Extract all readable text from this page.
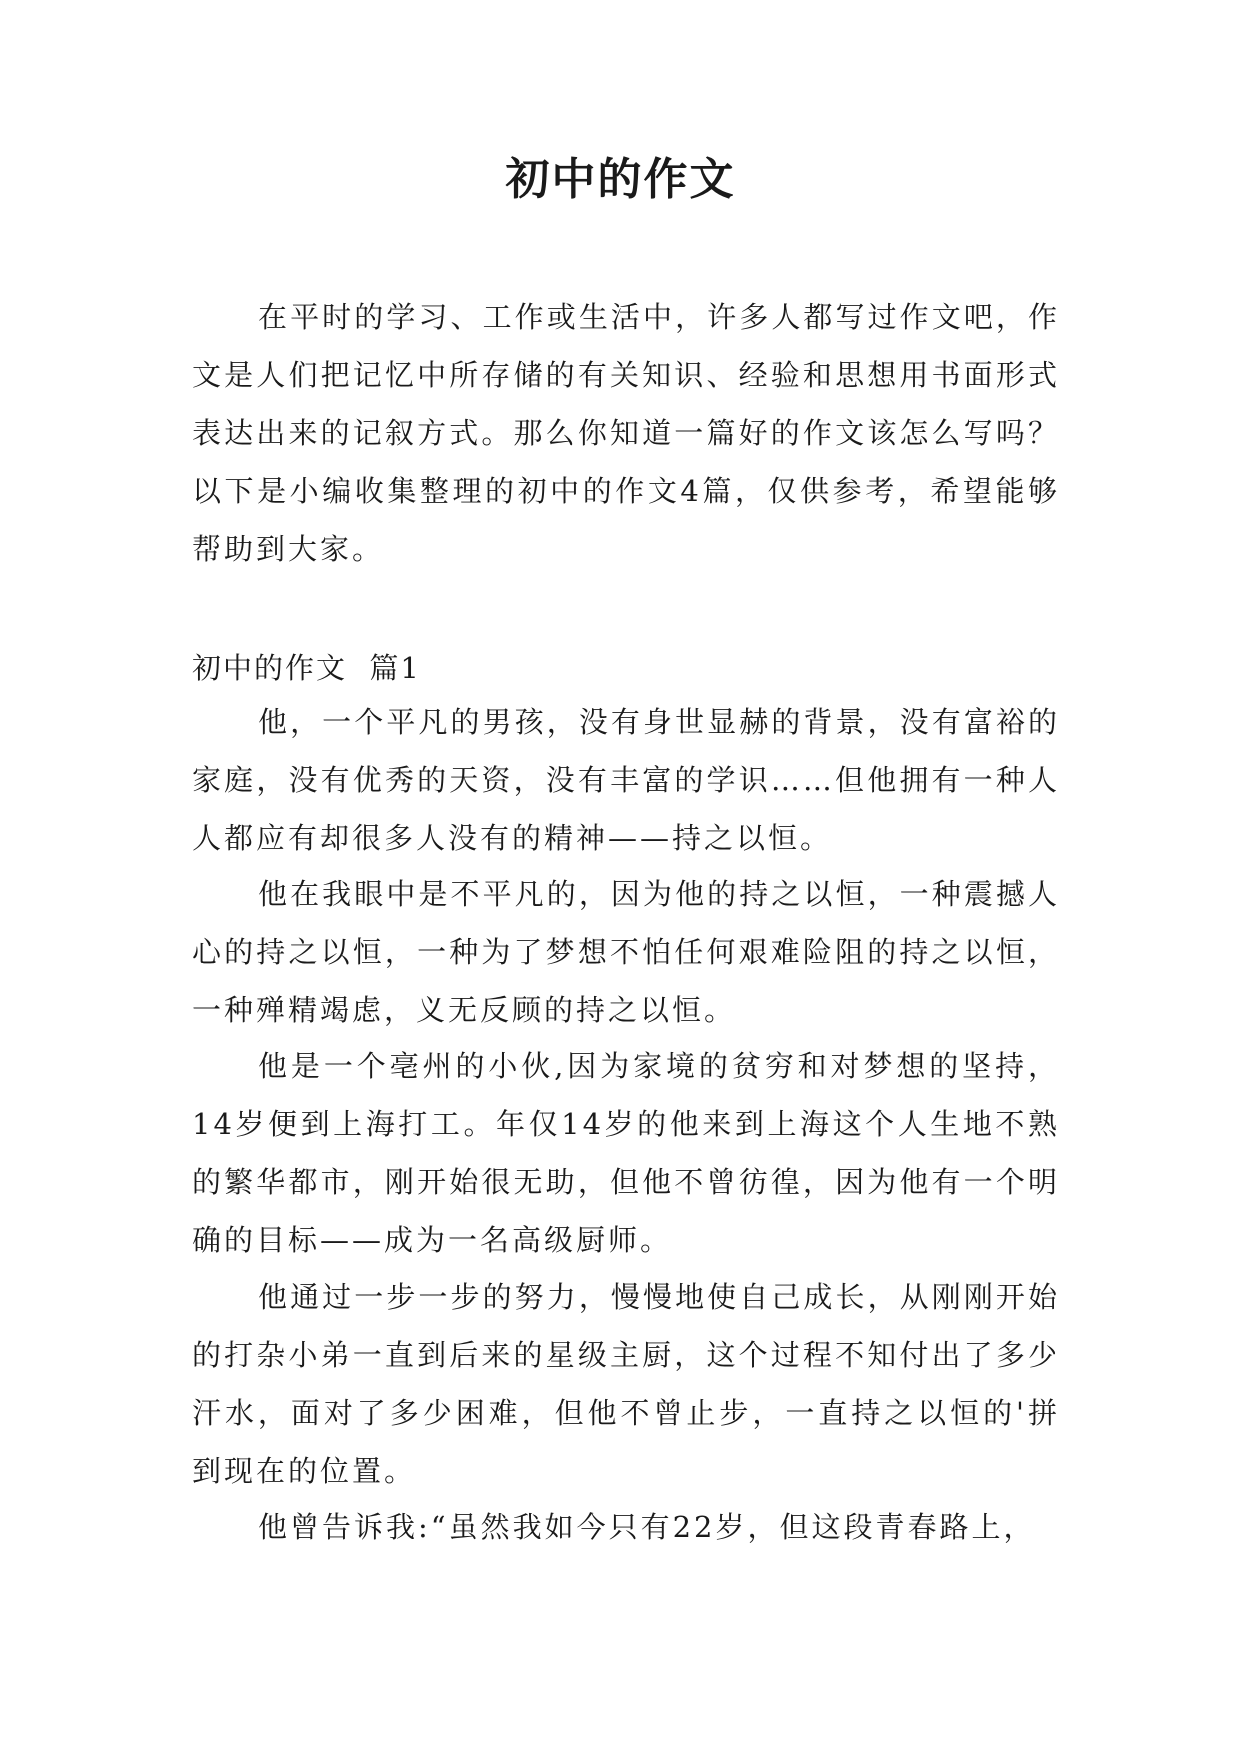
初中的作文

在平时的学习、工作或生活中，许多人都写过作文吧，作文是人们把记忆中所存储的有关知识、经验和思想用书面形式表达出来的记叙方式。那么你知道一篇好的作文该怎么写吗？以下是小编收集整理的初中的作文4篇，仅供参考，希望能够帮助到大家。

初中的作文  篇1

他，一个平凡的男孩，没有身世显赫的背景，没有富裕的家庭，没有优秀的天资，没有丰富的学识……但他拥有一种人人都应有却很多人没有的精神——持之以恒。

他在我眼中是不平凡的，因为他的持之以恒，一种震撼人心的持之以恒，一种为了梦想不怕任何艰难险阻的持之以恒，一种殚精竭虑，义无反顾的持之以恒。

他是一个亳州的小伙,因为家境的贫穷和对梦想的坚持，14岁便到上海打工。年仅14岁的他来到上海这个人生地不熟的繁华都市，刚开始很无助，但他不曾彷徨，因为他有一个明确的目标——成为一名高级厨师。

他通过一步一步的努力，慢慢地使自己成长，从刚刚开始的打杂小弟一直到后来的星级主厨，这个过程不知付出了多少汗水，面对了多少困难，但他不曾止步，一直持之以恒的'拼到现在的位置。

他曾告诉我:“虽然我如今只有22岁，但这段青春路上，
